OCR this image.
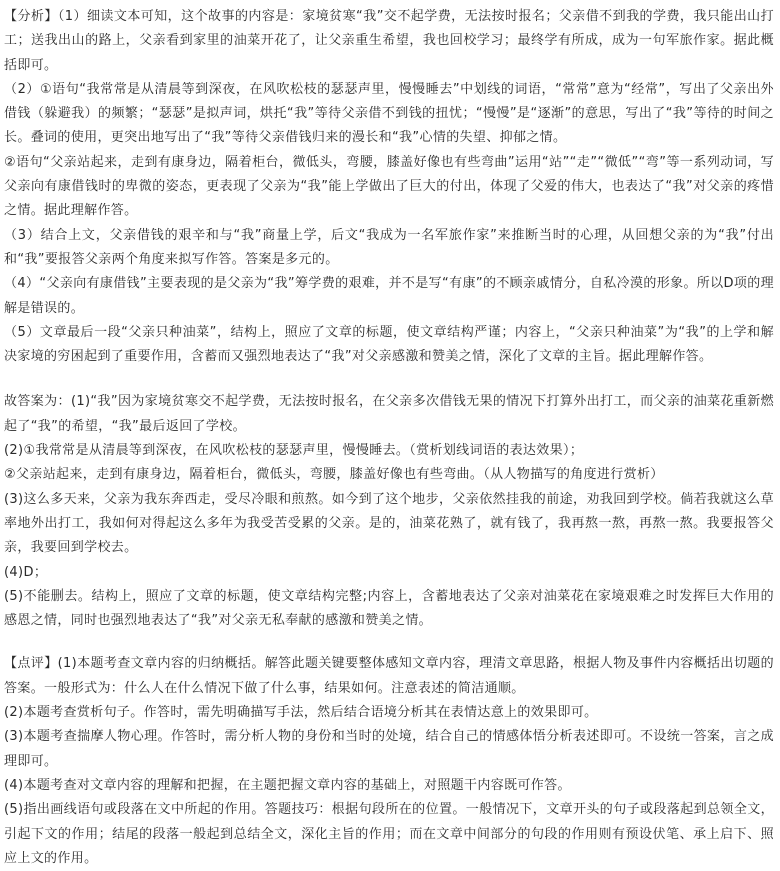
【分析】（1）细读文本可知，这个故事的内容是：家境贫寒“我”交不起学费，无法按时报名；父亲借不到我的学费，我只能出山打工；送我出山的路上，父亲看到家里的油菜开花了，让父亲重生希望，我也回校学习；最终学有所成，成为一句军旅作家。据此概括即可。

（2）①语句“我常常是从清晨等到深夜，在风吹松枝的瑟瑟声里，慢慢睡去”中划线的词语，“常常”意为“经常”，写出了父亲出外借钱（躲避我）的频繁；“瑟瑟”是拟声词，烘托“我”等待父亲借不到钱的扭忧；“慢慢”是“逐渐”的意思，写出了“我”等待的时间之长。叠词的使用，更突出地写出了“我”等待父亲借钱归来的漫长和“我”心情的失望、抑郁之情。

②语句“父亲站起来，走到有康身边，隔着柜台，微低头，弯腰，膝盖好像也有些弯曲”运用“站”“走”“微低”“弯”等一系列动词，写父亲向有康借钱时的卑微的姿态，更表现了父亲为“我”能上学做出了巨大的付出，体现了父爱的伟大，也表达了“我”对父亲的疼惜之情。据此理解作答。

（3）结合上文，父亲借钱的艰辛和与“我”商量上学，后文“我成为一名军旅作家”来推断当时的心理，从回想父亲的为“我”付出和“我”要报答父亲两个角度来拟写作答。答案是多元的。

（4）“父亲向有康借钱”主要表现的是父亲为“我”筹学费的艰难，并不是写“有康”的不顾亲戚情分，自私冷漠的形象。所以D项的理解是错误的。

（5）文章最后一段“父亲只种油菜”，结构上，照应了文章的标题，使文章结构严谨；内容上，“父亲只种油菜”为“我”的上学和解决家境的穷困起到了重要作用，含蓄而又强烈地表达了“我”对父亲感激和赞美之情，深化了文章的主旨。据此理解作答。

故答案为：(1)“我”因为家境贫寒交不起学费，无法按时报名，在父亲多次借钱无果的情况下打算外出打工，而父亲的油菜花重新燃起了“我”的希望，“我”最后返回了学校。

(2)①我常常是从清晨等到深夜，在风吹松枝的瑟瑟声里，慢慢睡去。（赏析划线词语的表达效果）；

②父亲站起来，走到有康身边，隔着柜台，微低头，弯腰，膝盖好像也有些弯曲。（从人物描写的角度进行赏析）

(3)这么多天来，父亲为我东奔西走，受尽冷眼和煎熬。如今到了这个地步，父亲依然挂我的前途，劝我回到学校。倘若我就这么草率地外出打工，我如何对得起这么多年为我受苦受累的父亲。是的，油菜花熟了，就有钱了，我再熬一熬，再熬一熬。我要报答父亲，我要回到学校去。

(4)D；

(5)不能删去。结构上，照应了文章的标题，使文章结构完整;内容上，含蓄地表达了父亲对油菜花在家境艰难之时发挥巨大作用的感恩之情，同时也强烈地表达了“我”对父亲无私奉献的感激和赞美之情。

【点评】(1)本题考查文章内容的归纳概括。解答此题关键要整体感知文章内容，理清文章思路，根据人物及事件内容概括出切题的答案。一般形式为：什么人在什么情况下做了什么事，结果如何。注意表述的简洁通顺。

(2)本题考查赏析句子。作答时，需先明确描写手法，然后结合语境分析其在表情达意上的效果即可。

(3)本题考查揣摩人物心理。作答时，需分析人物的身份和当时的处境，结合自己的情感体悟分析表述即可。不设统一答案，言之成理即可。

(4)本题考查对文章内容的理解和把握，在主题把握文章内容的基础上，对照题干内容既可作答。

(5)指出画线语句或段落在文中所起的作用。答题技巧：根据句段所在的位置。一般情况下，文章开头的句子或段落起到总领全文，引起下文的作用；结尾的段落一般起到总结全文，深化主旨的作用；而在文章中间部分的句段的作用则有预设伏笔、承上启下、照应上文的作用。
